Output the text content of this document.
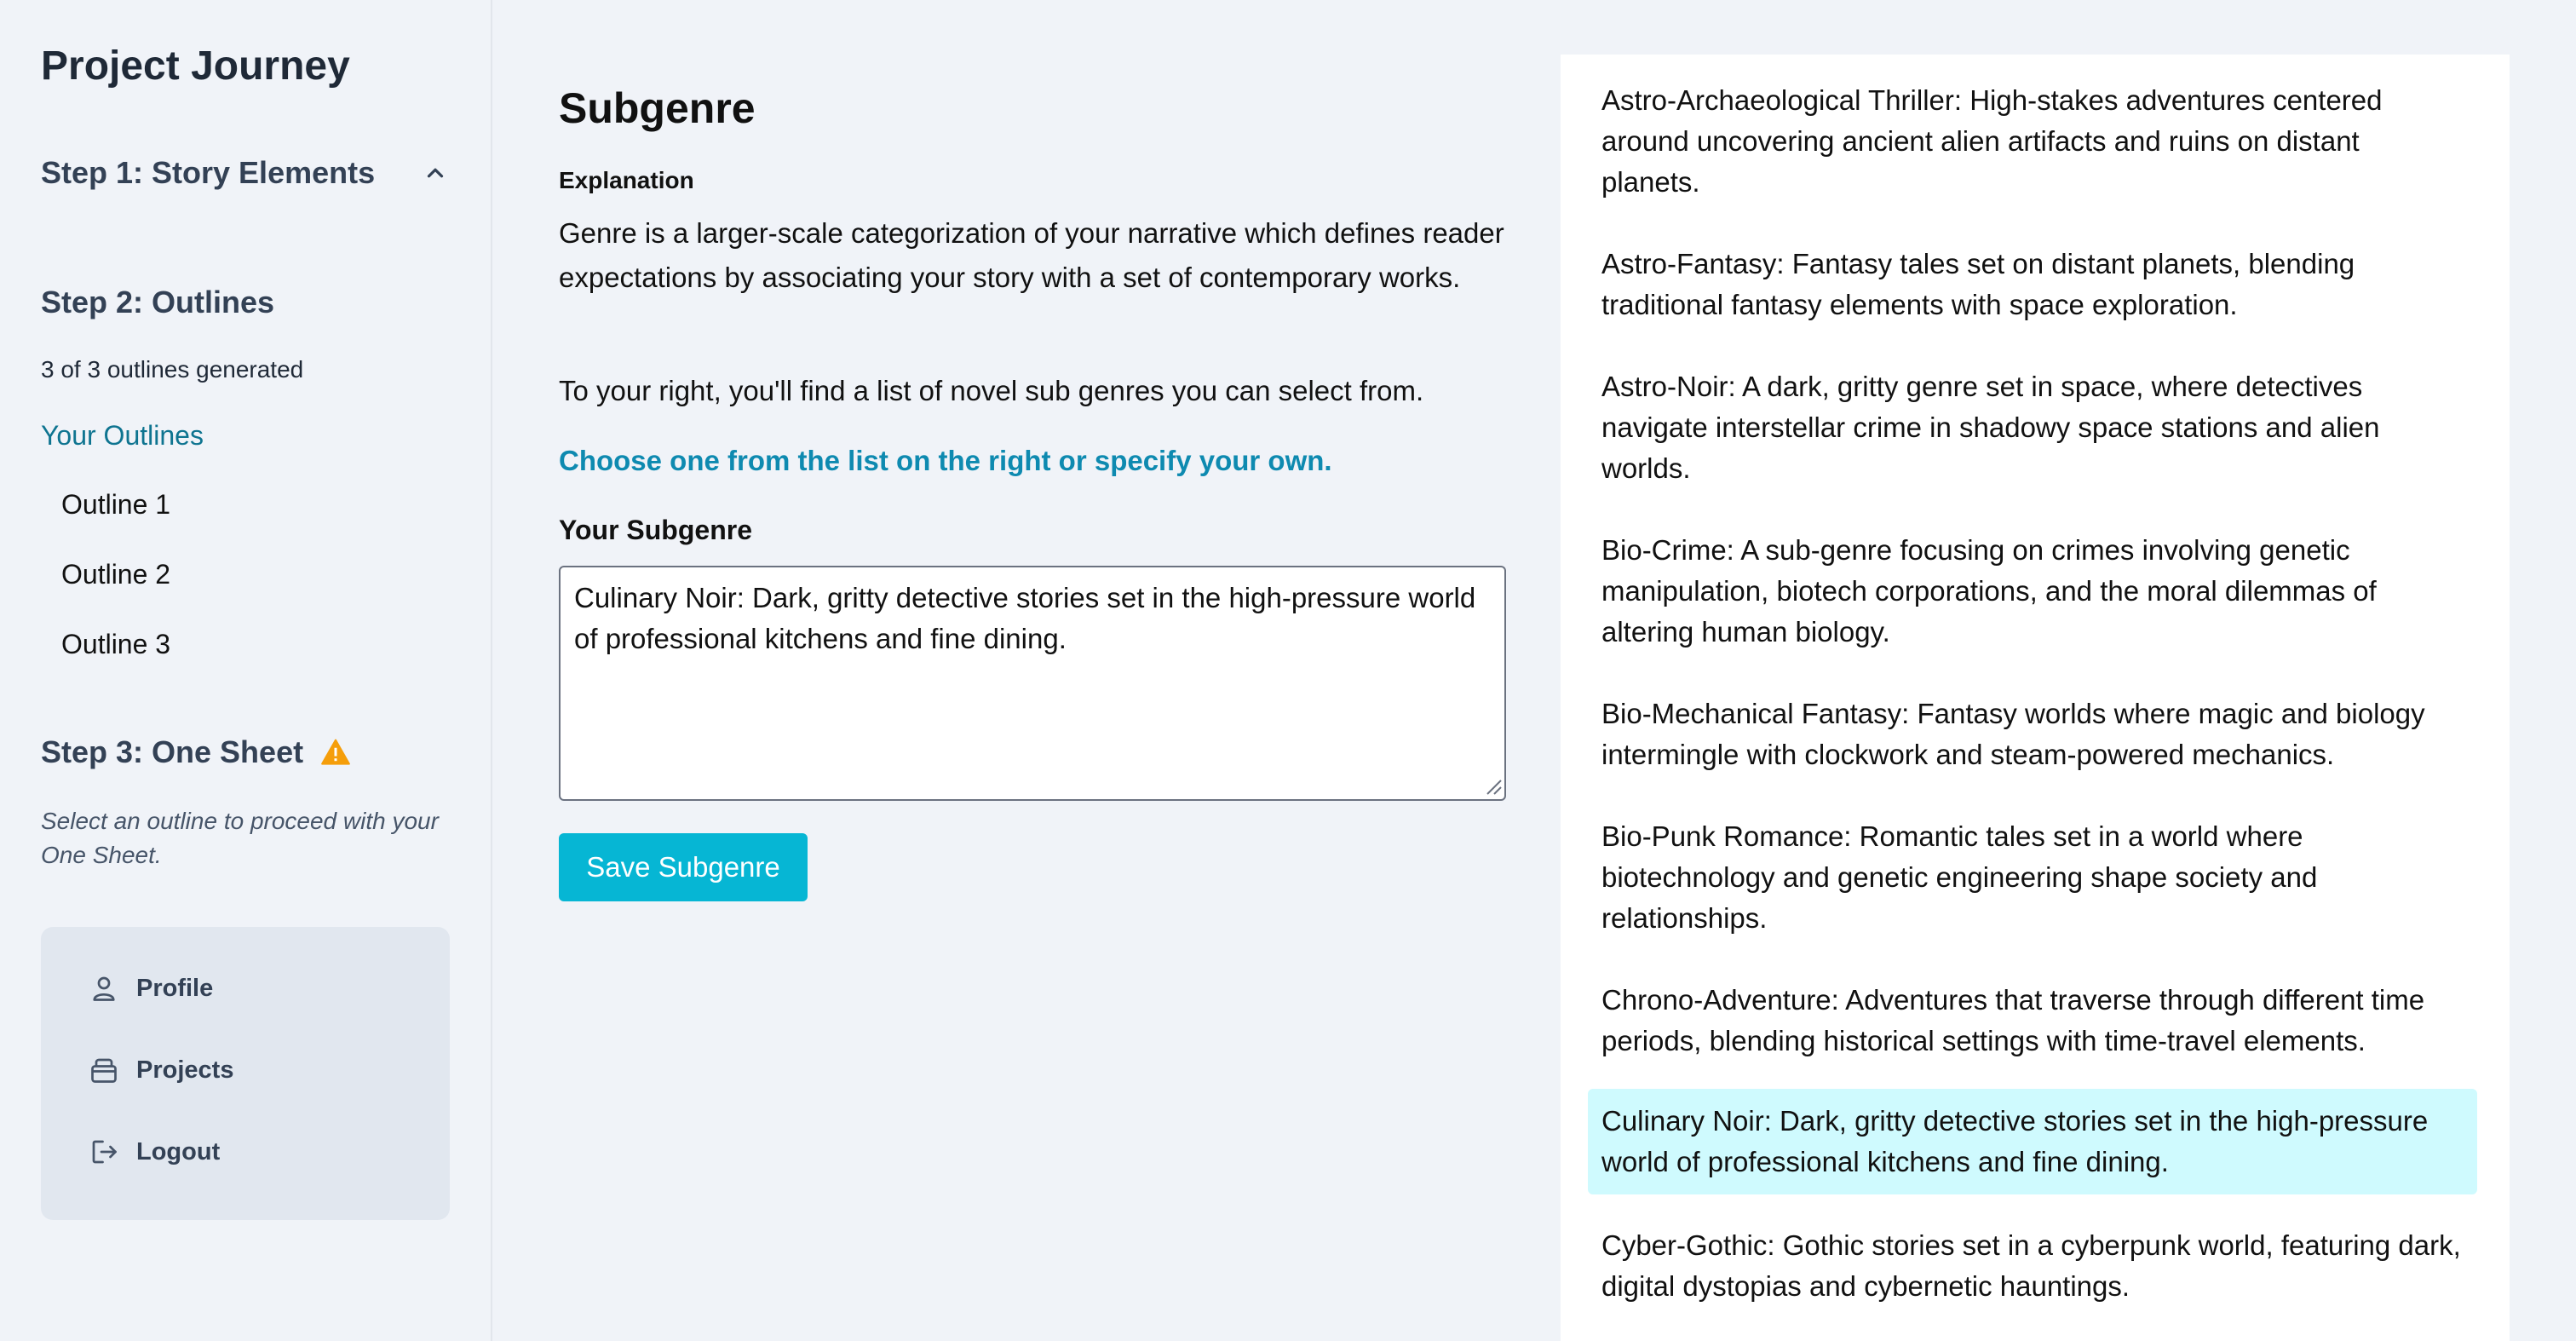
Project Journey
Step 1: Story Elements
Step 2: Outlines
3 of 3 outlines generated
Your Outlines
Outline 1
Outline 2
Outline 3
Step 3: One Sheet
Select an outline to proceed with your One Sheet.
Profile
Projects
Logout
Subgenre
Explanation

Genre is a larger-scale categorization of your narrative which defines reader expectations by associating your story with a set of contemporary works.

To your right, you'll find a list of novel sub genres you can select from.

Choose one from the list on the right or specify your own.

Your Subgenre
Culinary Noir: Dark, gritty detective stories set in the high-pressure world of professional kitchens and fine dining.
Save Subgenre
Astro-Archaeological Thriller: High-stakes adventures centered around uncovering ancient alien artifacts and ruins on distant planets.
Astro-Fantasy: Fantasy tales set on distant planets, blending traditional fantasy elements with space exploration.
Astro-Noir: A dark, gritty genre set in space, where detectives navigate interstellar crime in shadowy space stations and alien worlds.
Bio-Crime: A sub-genre focusing on crimes involving genetic manipulation, biotech corporations, and the moral dilemmas of altering human biology.
Bio-Mechanical Fantasy: Fantasy worlds where magic and biology intermingle with clockwork and steam-powered mechanics.
Bio-Punk Romance: Romantic tales set in a world where biotechnology and genetic engineering shape society and relationships.
Chrono-Adventure: Adventures that traverse through different time periods, blending historical settings with time-travel elements.
Culinary Noir: Dark, gritty detective stories set in the high-pressure world of professional kitchens and fine dining.
Cyber-Gothic: Gothic stories set in a cyberpunk world, featuring dark, digital dystopias and cybernetic hauntings.
